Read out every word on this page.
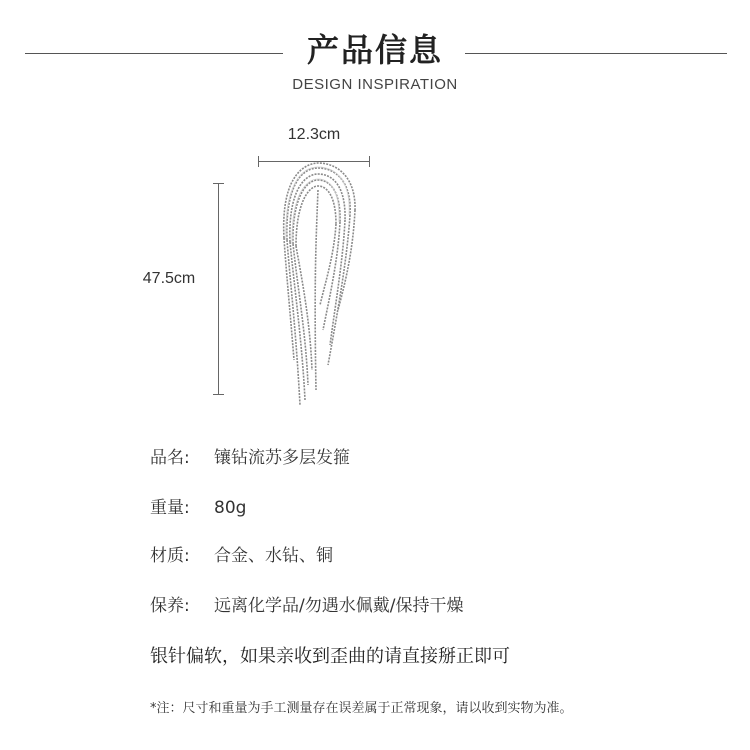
产品信息
DESIGN INSPIRATION
12.3cm
47.5cm
品名: 镶钻流苏多层发箍
重量: 80g
材质: 合金、水钻、铜
保养: 远离化学品/勿遇水佩戴/保持干燥
银针偏软，如果亲收到歪曲的请直接掰正即可
*注：尺寸和重量为手工测量存在误差属于正常现象，请以收到实物为准。
